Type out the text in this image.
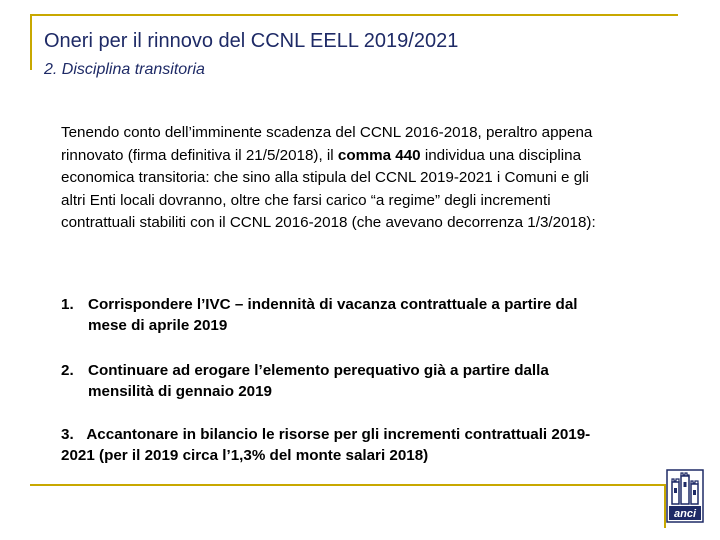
Oneri per il rinnovo del CCNL EELL 2019/2021
2. Disciplina transitoria
Tenendo conto dell’imminente scadenza del CCNL 2016-2018, peraltro appena rinnovato (firma definitiva il 21/5/2018), il comma 440 individua una disciplina economica transitoria: che sino alla stipula del CCNL 2019-2021 i Comuni e gli altri Enti locali dovranno, oltre che farsi carico “a regime” degli incrementi contrattuali stabiliti con il CCNL 2016-2018 (che avevano decorrenza 1/3/2018):
1. Corrispondere l’IVC – indennità di vacanza contrattuale a partire dal mese di aprile 2019
2. Continuare ad erogare l’elemento perequativo già a partire dalla mensilità di gennaio 2019
3. Accantonare in bilancio le risorse per gli incrementi contrattuali 2019-2021 (per il 2019 circa l’1,3% del monte salari 2018)
anci
